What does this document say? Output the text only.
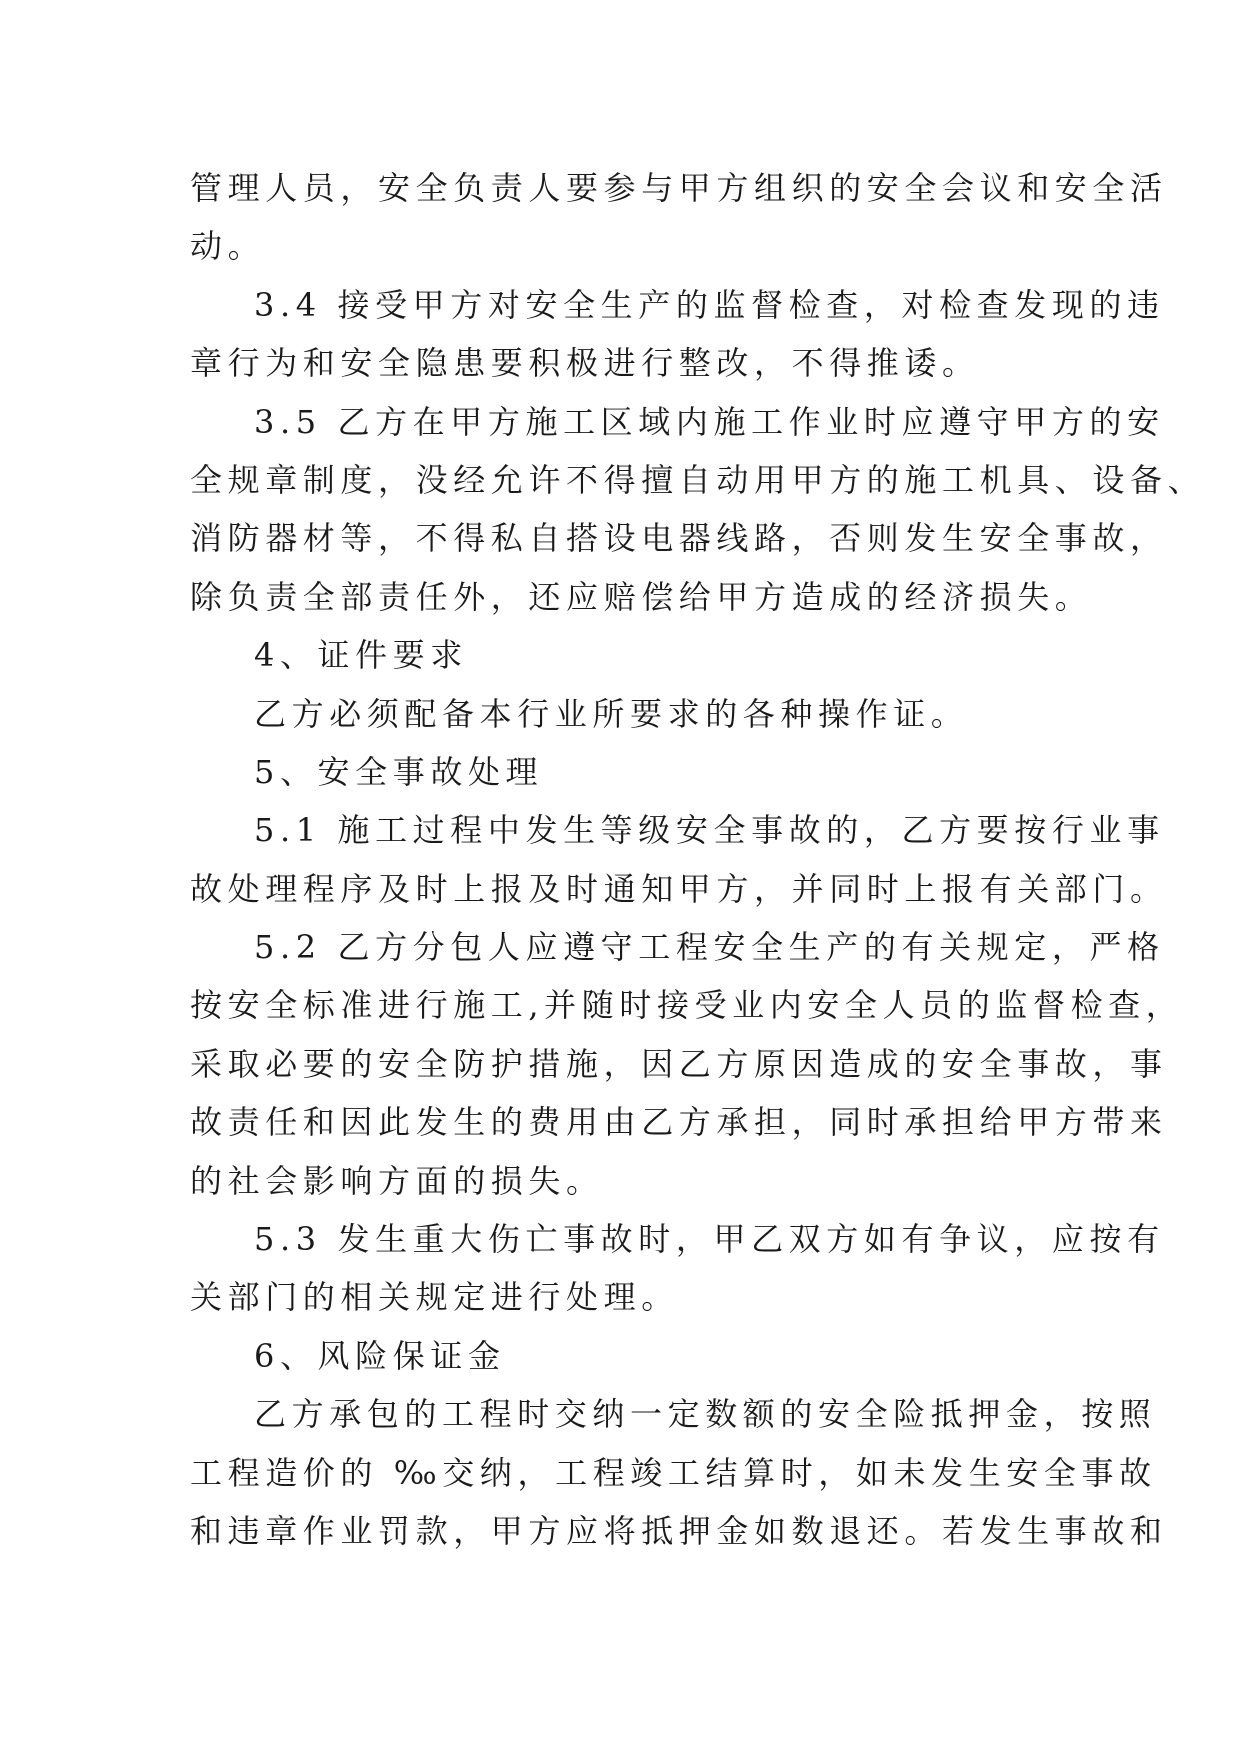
管理人员，安全负责人要参与甲方组织的安全会议和安全活
动。
3.4 接受甲方对安全生产的监督检查，对检查发现的违
章行为和安全隐患要积极进行整改，不得推诿。
3.5 乙方在甲方施工区域内施工作业时应遵守甲方的安
全规章制度，没经允许不得擅自动用甲方的施工机具、设备、
消防器材等，不得私自搭设电器线路，否则发生安全事故，
除负责全部责任外，还应赔偿给甲方造成的经济损失。
4、证件要求
乙方必须配备本行业所要求的各种操作证。
5、安全事故处理
5.1 施工过程中发生等级安全事故的，乙方要按行业事
故处理程序及时上报及时通知甲方，并同时上报有关部门。
5.2 乙方分包人应遵守工程安全生产的有关规定，严格
按安全标准进行施工,并随时接受业内安全人员的监督检查，
采取必要的安全防护措施，因乙方原因造成的安全事故，事
故责任和因此发生的费用由乙方承担，同时承担给甲方带来
的社会影响方面的损失。
5.3 发生重大伤亡事故时，甲乙双方如有争议，应按有
关部门的相关规定进行处理。
6、风险保证金
乙方承包的工程时交纳一定数额的安全险抵押金，按照
工程造价的 ‰交纳，工程竣工结算时，如未发生安全事故
和违章作业罚款，甲方应将抵押金如数退还。若发生事故和
